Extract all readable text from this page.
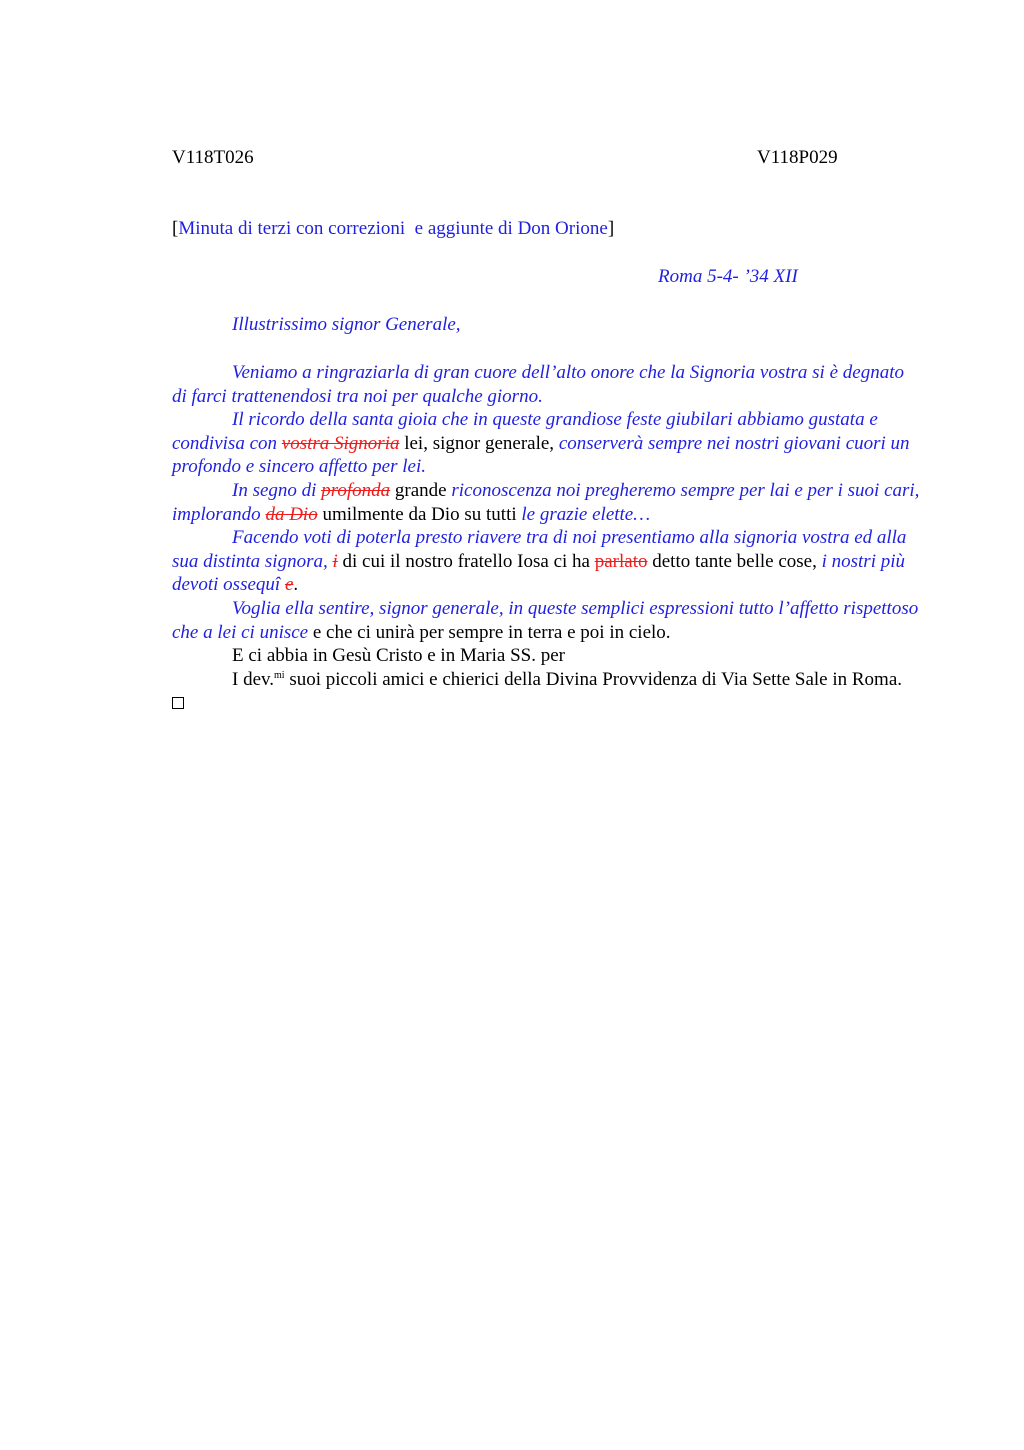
V118T026	V118P029
[Minuta di terzi con correzioni  e aggiunte di Don Orione]
Roma 5-4- ’34 XII
Illustrissimo signor Generale,

Veniamo a ringraziarla di gran cuore dell’alto onore che la Signoria vostra si è degnato di farci trattenendosi tra noi per qualche giorno.

Il ricordo della santa gioia che in queste grandiose feste giubilari abbiamo gustata e condivisa con vostra Signoria lei, signor generale, conserverà sempre nei nostri giovani cuori un profondo e sincero affetto per lei.

In segno di profonda grande riconoscenza noi pregheremo sempre per lai e per i suoi cari, implorando da Dio umilmente da Dio su tutti le grazie elette…

Facendo voti di poterla presto riavere tra di noi presentiamo alla signoria vostra ed alla sua distinta signora, i di cui il nostro fratello Iosa ci ha parlato detto tante belle cose, i nostri più devoti ossequî e.

Voglia ella sentire, signor generale, in queste semplici espressioni tutto l’affetto rispettoso che a lei ci unisce e che ci unirà per sempre in terra e poi in cielo.

E ci abbia in Gesù Cristo e in Maria SS. per

I dev.$^{mi}$ suoi piccoli amici e chierici della Divina Provvidenza di Via Sette Sale in Roma.
